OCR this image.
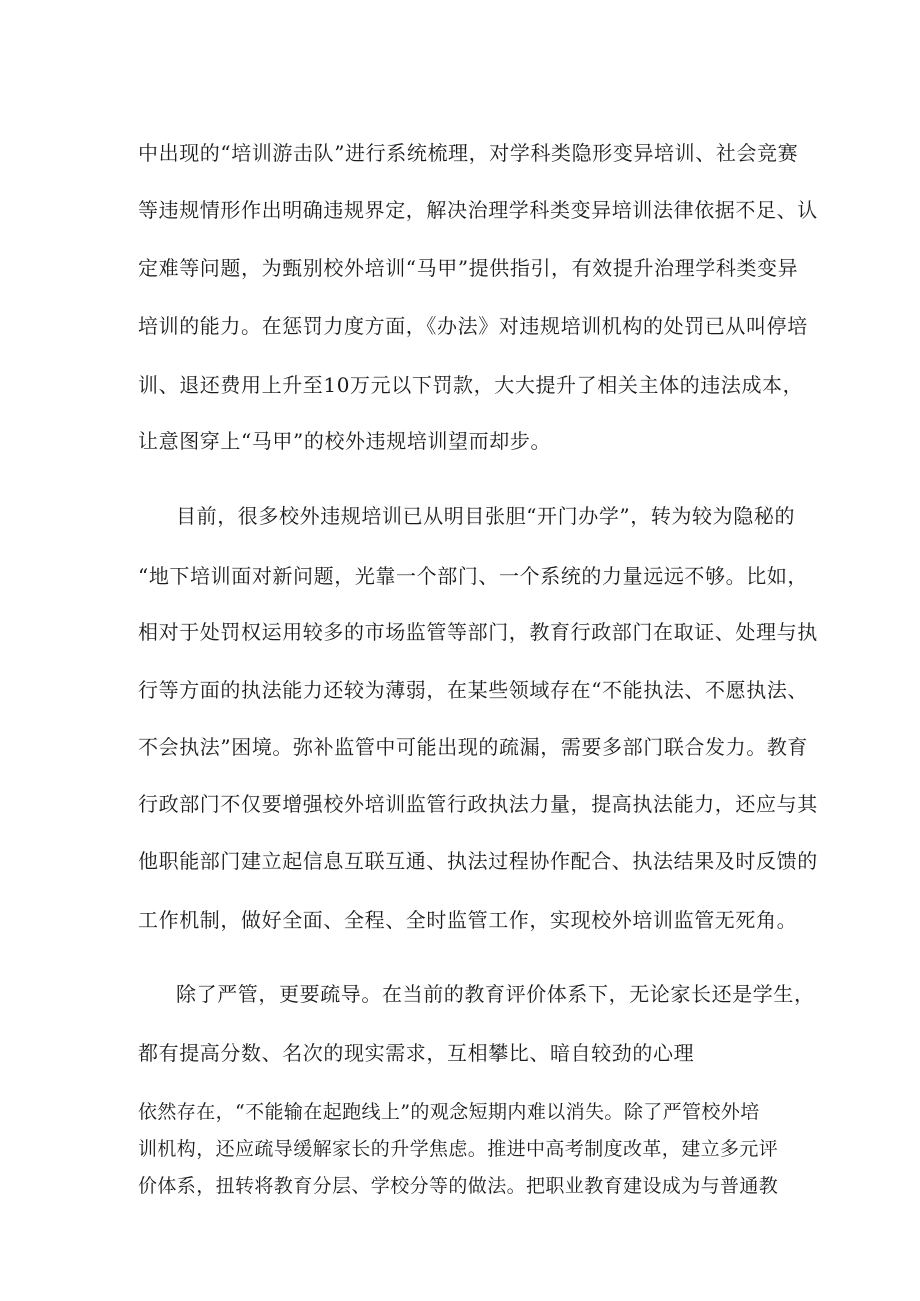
中出现的“培训游击队”进行系统梳理，对学科类隐形变异培训、社会竞赛
等违规情形作出明确违规界定，解决治理学科类变异培训法律依据不足、认
定难等问题，为甄别校外培训“马甲”提供指引，有效提升治理学科类变异
培训的能力。在惩罚力度方面，《办法》对违规培训机构的处罚已从叫停培
训、退还费用上升至10万元以下罚款，大大提升了相关主体的违法成本，
让意图穿上“马甲”的校外违规培训望而却步。
目前，很多校外违规培训已从明目张胆“开门办学”，转为较为隐秘的
“地下培训面对新问题，光靠一个部门、一个系统的力量远远不够。比如，
相对于处罚权运用较多的市场监管等部门，教育行政部门在取证、处理与执
行等方面的执法能力还较为薄弱，在某些领域存在“不能执法、不愿执法、
不会执法”困境。弥补监管中可能出现的疏漏，需要多部门联合发力。教育
行政部门不仅要增强校外培训监管行政执法力量，提高执法能力，还应与其
他职能部门建立起信息互联互通、执法过程协作配合、执法结果及时反馈的
工作机制，做好全面、全程、全时监管工作，实现校外培训监管无死角。
除了严管，更要疏导。在当前的教育评价体系下，无论家长还是学生，
都有提高分数、名次的现实需求，互相攀比、暗自较劲的心理
依然存在，“不能输在起跑线上”的观念短期内难以消失。除了严管校外培
训机构，还应疏导缓解家长的升学焦虑。推进中高考制度改革，建立多元评
价体系，扭转将教育分层、学校分等的做法。把职业教育建设成为与普通教
